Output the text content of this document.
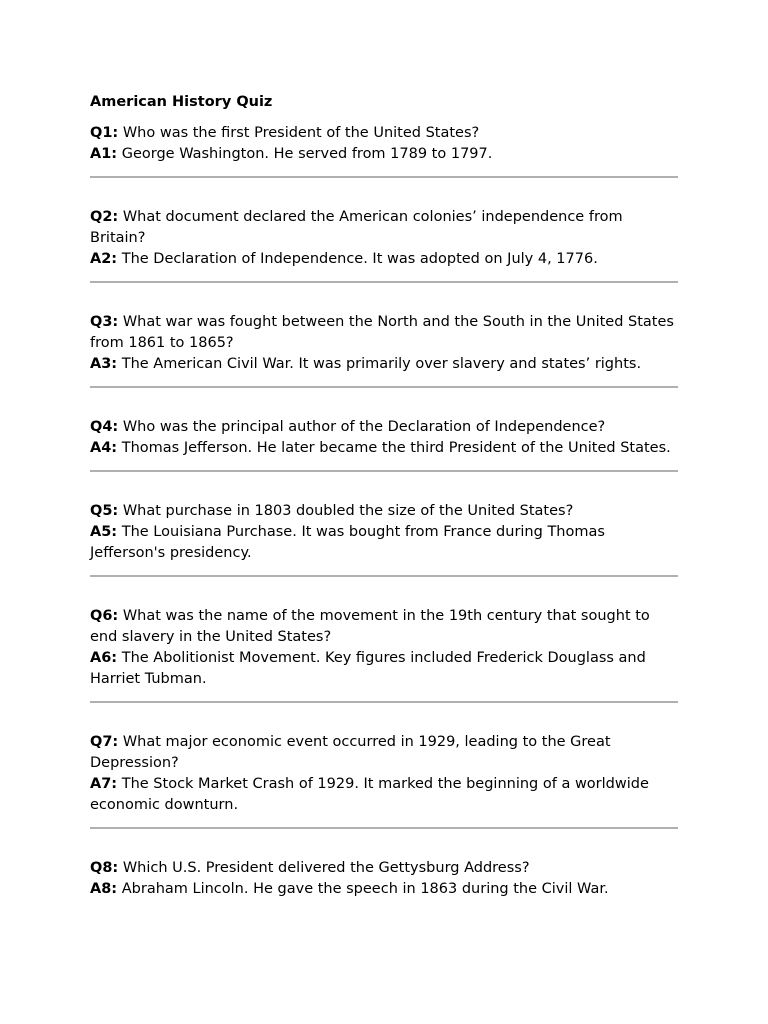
American History Quiz

Q1: Who was the first President of the United States?

A1: George Washington. He served from 1789 to 1797.

Q2: What document declared the American colonies’ independence from Britain?

A2: The Declaration of Independence. It was adopted on July 4, 1776.

Q3: What war was fought between the North and the South in the United States from 1861 to 1865?

A3: The American Civil War. It was primarily over slavery and states’ rights.

Q4: Who was the principal author of the Declaration of Independence?

A4: Thomas Jefferson. He later became the third President of the United States.

Q5: What purchase in 1803 doubled the size of the United States?

A5: The Louisiana Purchase. It was bought from France during Thomas Jefferson's presidency.

Q6: What was the name of the movement in the 19th century that sought to end slavery in the United States?

A6: The Abolitionist Movement. Key figures included Frederick Douglass and Harriet Tubman.

Q7: What major economic event occurred in 1929, leading to the Great Depression?

A7: The Stock Market Crash of 1929. It marked the beginning of a worldwide economic downturn.

Q8: Which U.S. President delivered the Gettysburg Address?

A8: Abraham Lincoln. He gave the speech in 1863 during the Civil War.
